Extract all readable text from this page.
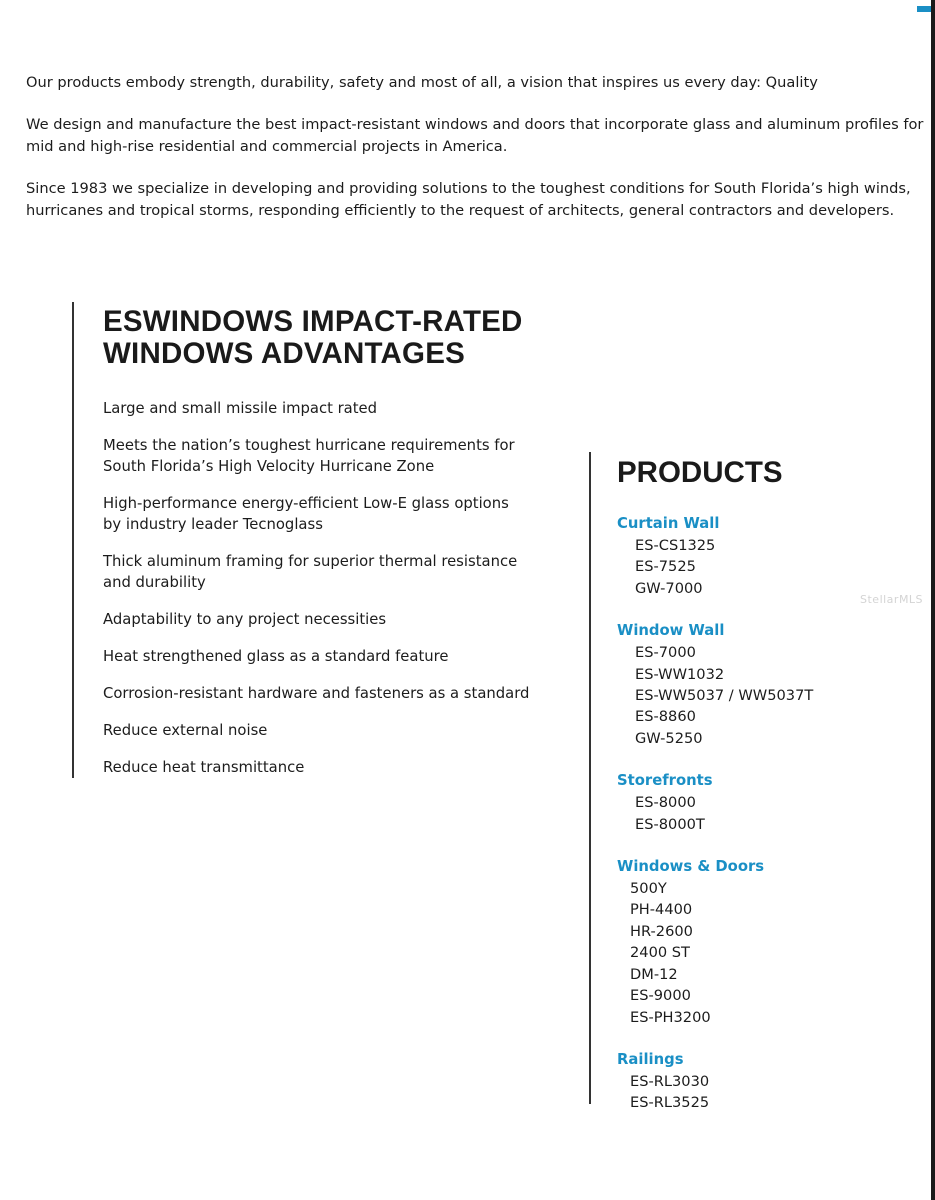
Our products embody strength, durability, safety and most of all, a vision that inspires us every day: Quality

We design and manufacture the best impact-resistant windows and doors that incorporate glass and aluminum profiles for
mid and high-rise residential and commercial projects in America.

Since 1983 we specialize in developing and providing solutions to the toughest conditions for South Florida’s high winds,
hurricanes and tropical storms, responding efficiently to the request of architects, general contractors and developers.

ESWINDOWS IMPACT-RATED
WINDOWS ADVANTAGES
Large and small missile impact rated
Meets the nation’s toughest hurricane requirements for
South Florida’s High Velocity Hurricane Zone
High-performance energy-efficient Low-E glass options
by industry leader Tecnoglass
Thick aluminum framing for superior thermal resistance
and durability
Adaptability to any project necessities
Heat strengthened glass as a standard feature
Corrosion-resistant hardware and fasteners as a standard
Reduce external noise
Reduce heat transmittance
PRODUCTS
Curtain Wall
ES-CS1325
ES-7525
GW-7000
Window Wall
ES-7000
ES-WW1032
ES-WW5037 / WW5037T
ES-8860
GW-5250
Storefronts
ES-8000
ES-8000T
Windows & Doors
500Y
PH-4400
HR-2600
2400 ST
DM-12
ES-9000
ES-PH3200
Railings
ES-RL3030
ES-RL3525
StellarMLS
